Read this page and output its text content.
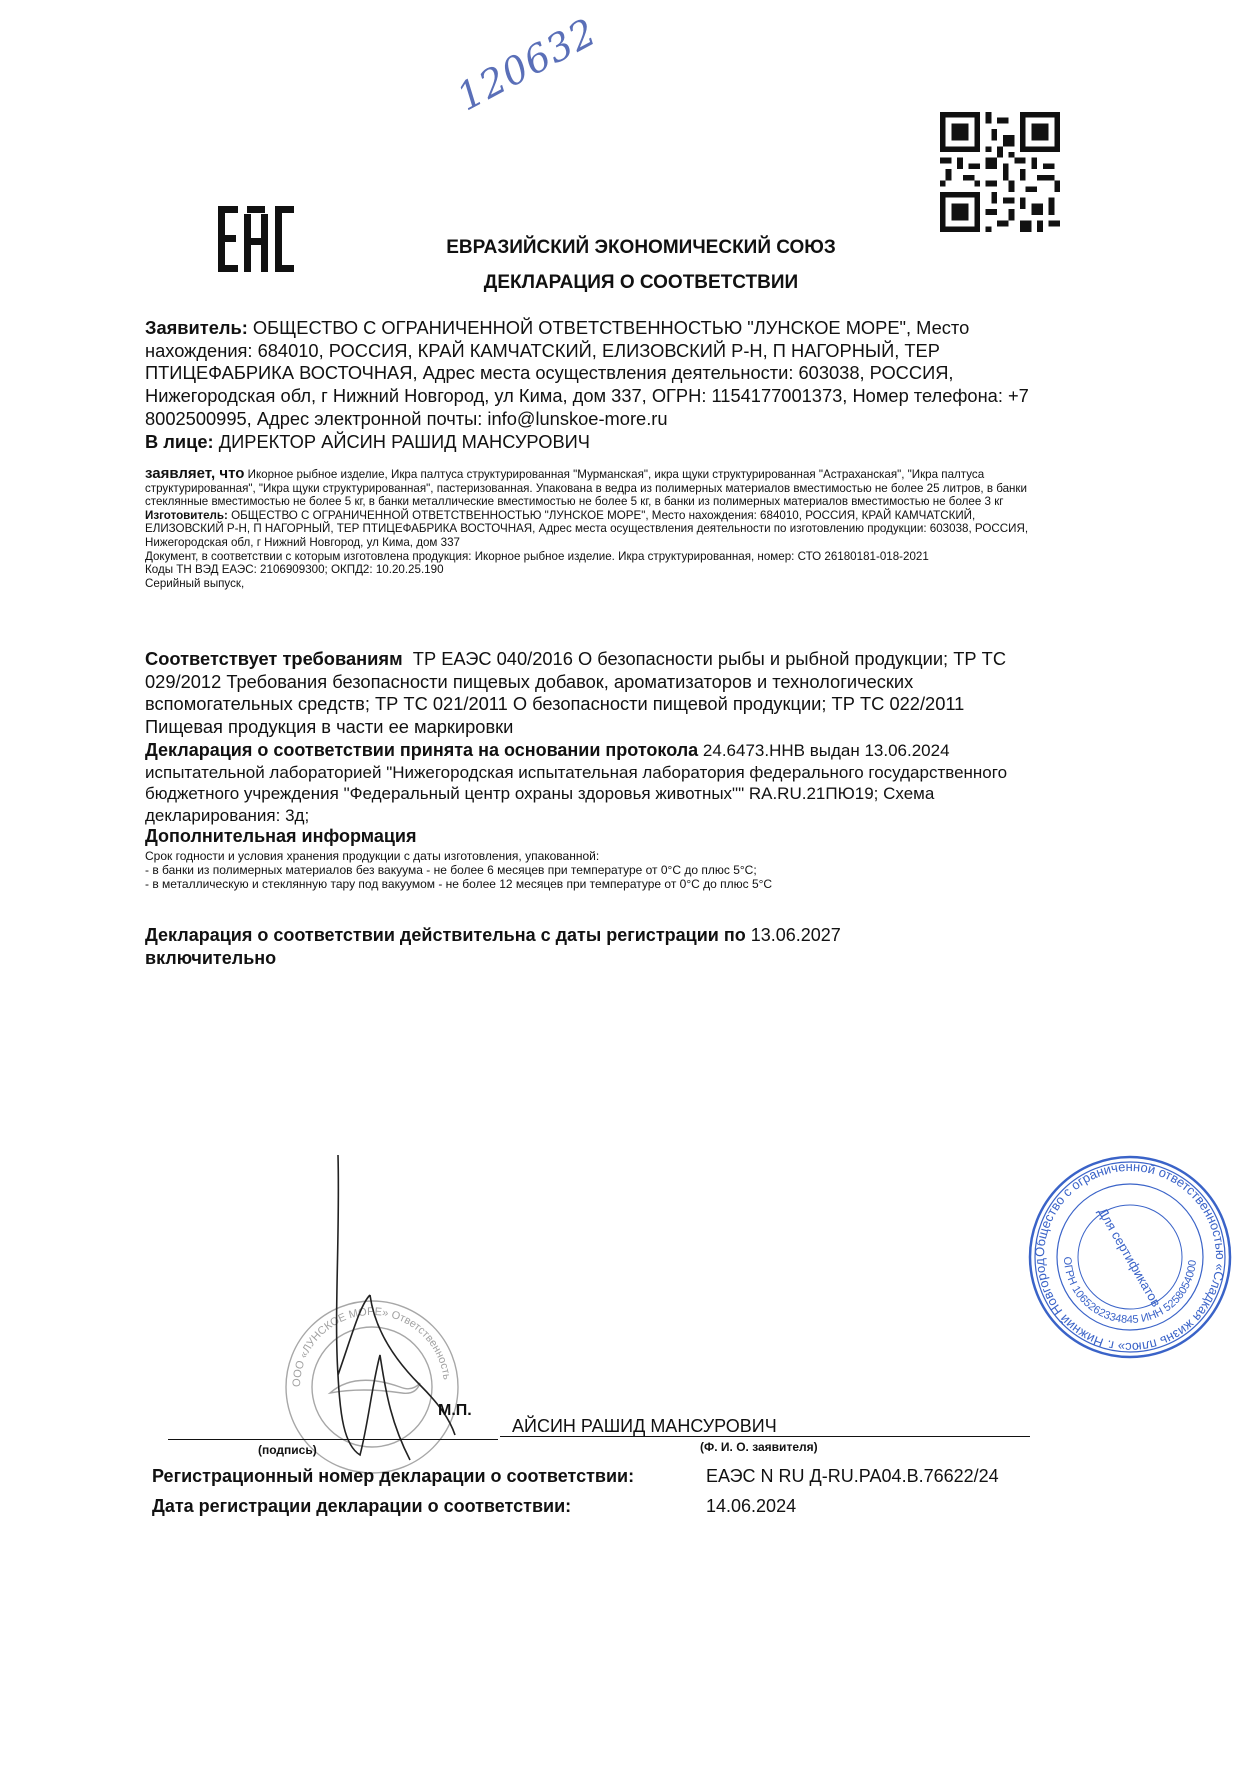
120632
ЕВРАЗИЙСКИЙ ЭКОНОМИЧЕСКИЙ СОЮЗ
ДЕКЛАРАЦИЯ О СООТВЕТСТВИИ
Заявитель: ОБЩЕСТВО С ОГРАНИЧЕННОЙ ОТВЕТСТВЕННОСТЬЮ "ЛУНСКОЕ МОРЕ", Место нахождения: 684010, РОССИЯ, КРАЙ КАМЧАТСКИЙ, ЕЛИЗОВСКИЙ Р-Н, П НАГОРНЫЙ, ТЕР ПТИЦЕФАБРИКА ВОСТОЧНАЯ, Адрес места осуществления деятельности: 603038, РОССИЯ, Нижегородская обл, г Нижний Новгород, ул Кима, дом 337, ОГРН: 1154177001373, Номер телефона: +7 8002500995, Адрес электронной почты: info@lunskoe-more.ru
В лице: ДИРЕКТОР АЙСИН РАШИД МАНСУРОВИЧ
заявляет, что Икорное рыбное изделие, Икра палтуса структурированная "Мурманская", икра щуки структурированная "Астраханская", "Икра палтуса структурированная", "Икра щуки структурированная", пастеризованная. Упакована в ведра из полимерных материалов вместимостью не более 25 литров, в банки стеклянные вместимостью не более 5 кг, в банки металлические вместимостью не более 5 кг, в банки из полимерных материалов вместимостью не более 3 кг
Изготовитель: ОБЩЕСТВО С ОГРАНИЧЕННОЙ ОТВЕТСТВЕННОСТЬЮ "ЛУНСКОЕ МОРЕ", Место нахождения: 684010, РОССИЯ, КРАЙ КАМЧАТСКИЙ, ЕЛИЗОВСКИЙ Р-Н, П НАГОРНЫЙ, ТЕР ПТИЦЕФАБРИКА ВОСТОЧНАЯ, Адрес места осуществления деятельности по изготовлению продукции: 603038, РОССИЯ, Нижегородская обл, г Нижний Новгород, ул Кима, дом 337
Документ, в соответствии с которым изготовлена продукция: Икорное рыбное изделие. Икра структурированная, номер: СТО 26180181-018-2021
Коды ТН ВЭД ЕАЭС: 2106909300; ОКПД2: 10.20.25.190
Серийный выпуск,
Соответствует требованиям ТР ЕАЭС 040/2016 О безопасности рыбы и рыбной продукции; ТР ТС 029/2012 Требования безопасности пищевых добавок, ароматизаторов и технологических вспомогательных средств; ТР ТС 021/2011 О безопасности пищевой продукции; ТР ТС 022/2011 Пищевая продукция в части ее маркировки
Декларация о соответствии принята на основании протокола 24.6473.ННВ выдан 13.06.2024 испытательной лабораторией "Нижегородская испытательная лаборатория федерального государственного бюджетного учреждения "Федеральный центр охраны здоровья животных"" RA.RU.21ПЮ19; Схема декларирования: 3д;
Дополнительная информация
Срок годности и условия хранения продукции с даты изготовления, упакованной:
- в банки из полимерных материалов без вакуума - не более 6 месяцев при температуре от 0°С до плюс 5°С;
- в металлическую и стеклянную тару под вакуумом - не более 12 месяцев при температуре от 0°С до плюс 5°С
Декларация о соответствии действительна с даты регистрации по 13.06.2027
включительно
Общество с ограниченной ответственностью «Сладкая жизнь плюс» г. Нижний Новгород	ОГРН 1065262334845 ИНН 5258054000
Для сертификатов
ООО «ЛУНСКОЕ МОРЕ» Ответственность
М.П.
АЙСИН РАШИД МАНСУРОВИЧ
(подпись)	(Ф. И. О. заявителя)
Регистрационный номер декларации о соответствии:	ЕАЭС N RU Д-RU.РА04.В.76622/24
Дата регистрации декларации о соответствии:	14.06.2024
